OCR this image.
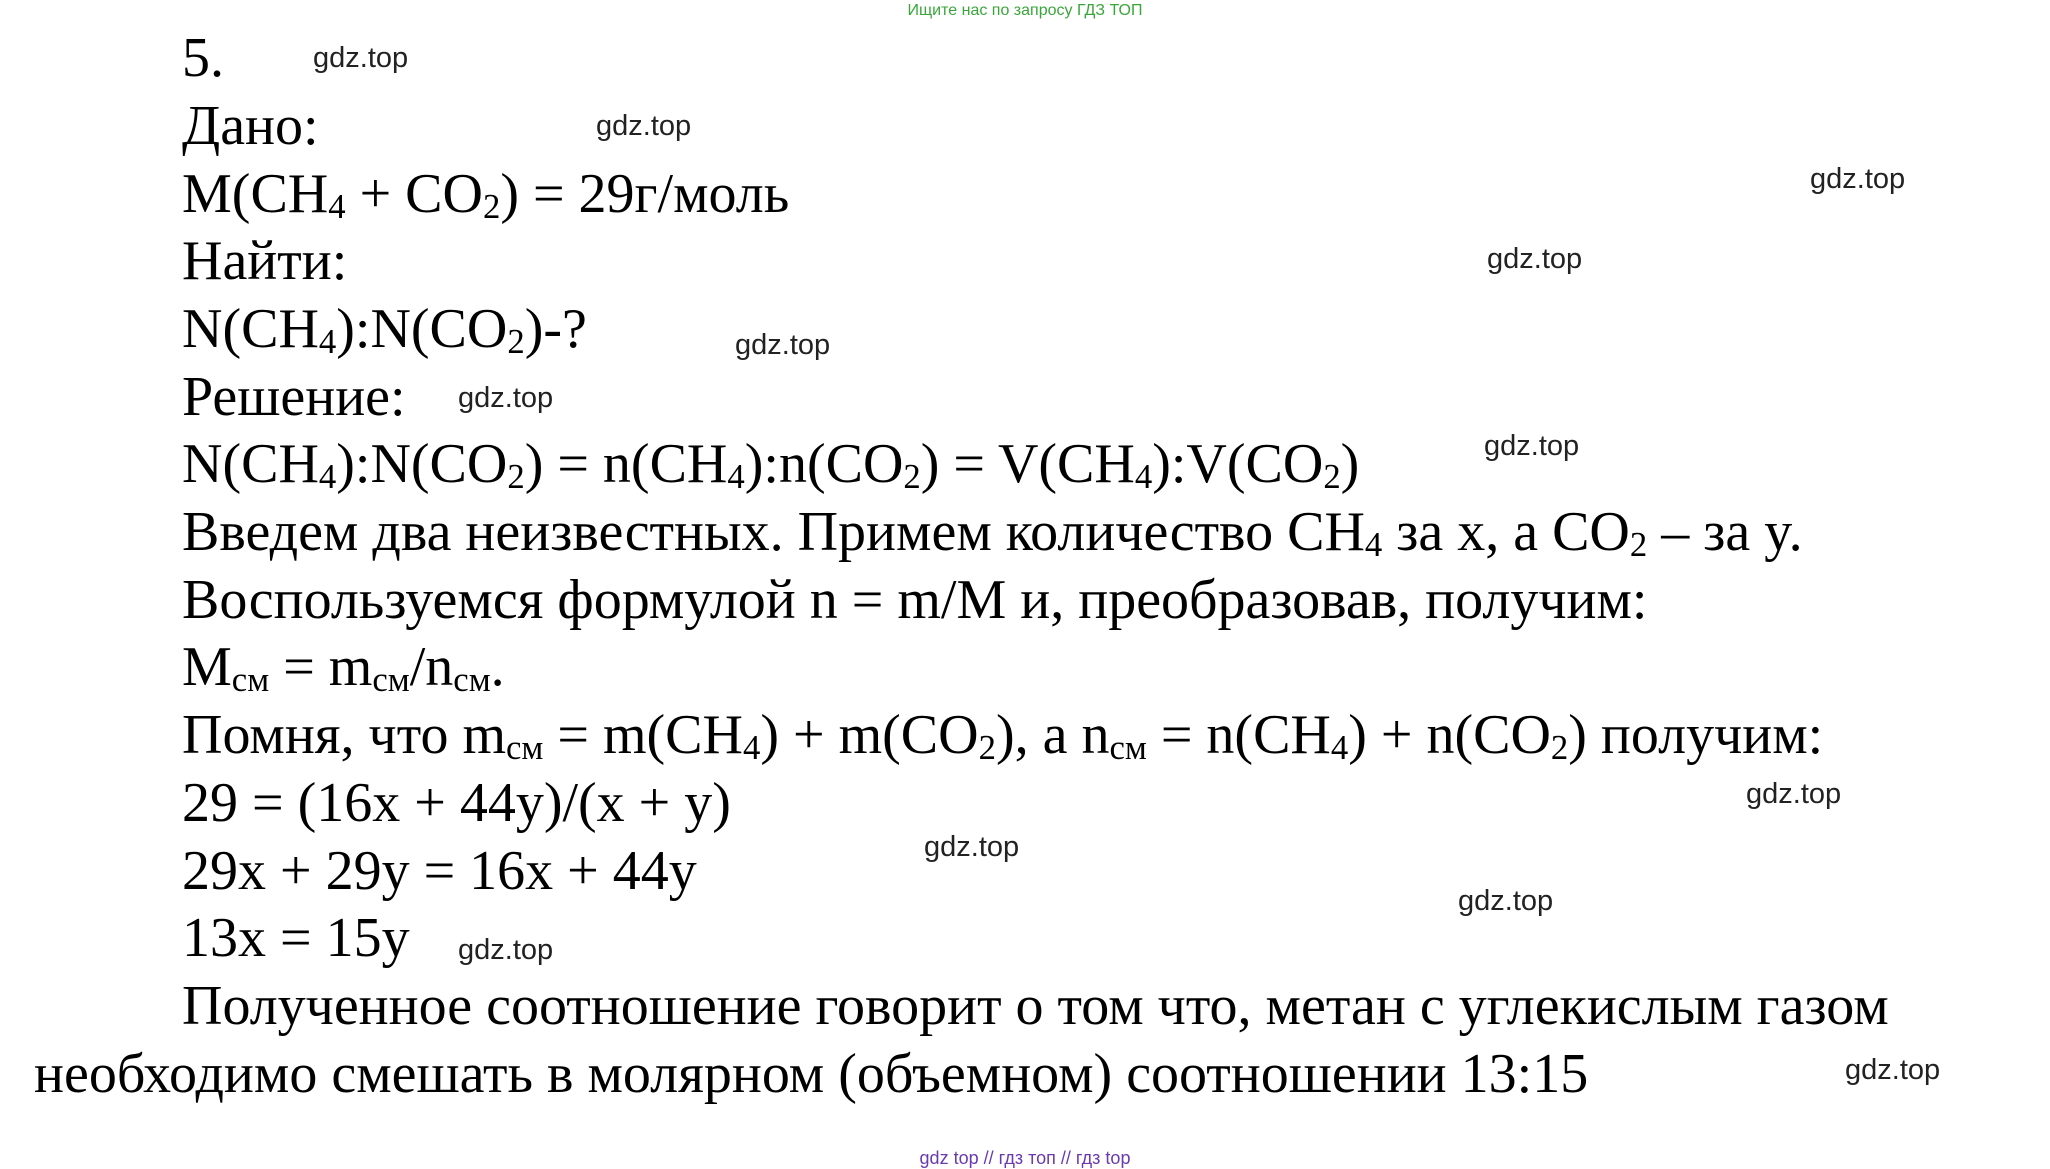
Ищите нас по запросу ГДЗ ТОП
5.
Дано:
$M(CH_4 + CO_2)$ = 29г/моль
Найти:
$N(CH_4):N(CO_2)-$?
Решение:
$N(CH_4):N(CO_2)$ = $n(CH_4):n(CO_2)$ = $V(CH_4):V(CO_2)$
Введем два неизвестных. Примем количество $CH_4$ за x, а $CO_2$ – за y.
Воспользуемся формулой n = m/M и, преобразовав, получим:
$M_{см} = m_{см}/n_{см}$.
Помня, что $m_{см} = m(CH_4) + m(CO_2)$, а $n_{см} = n(CH_4) + n(CO_2)$ получим:
29 = (16x + 44y)/(x + y)
29x + 29y = 16x + 44y
13x = 15y
Полученное соотношение говорит о том что, метан с углекислым газом
необходимо смешать в молярном (объемном) соотношении 13:15
gdz.top
gdz.top
gdz.top
gdz.top
gdz.top
gdz.top
gdz.top
gdz.top
gdz.top
gdz.top
gdz.top
gdz.top
gdz top // гдз топ // гдз top
